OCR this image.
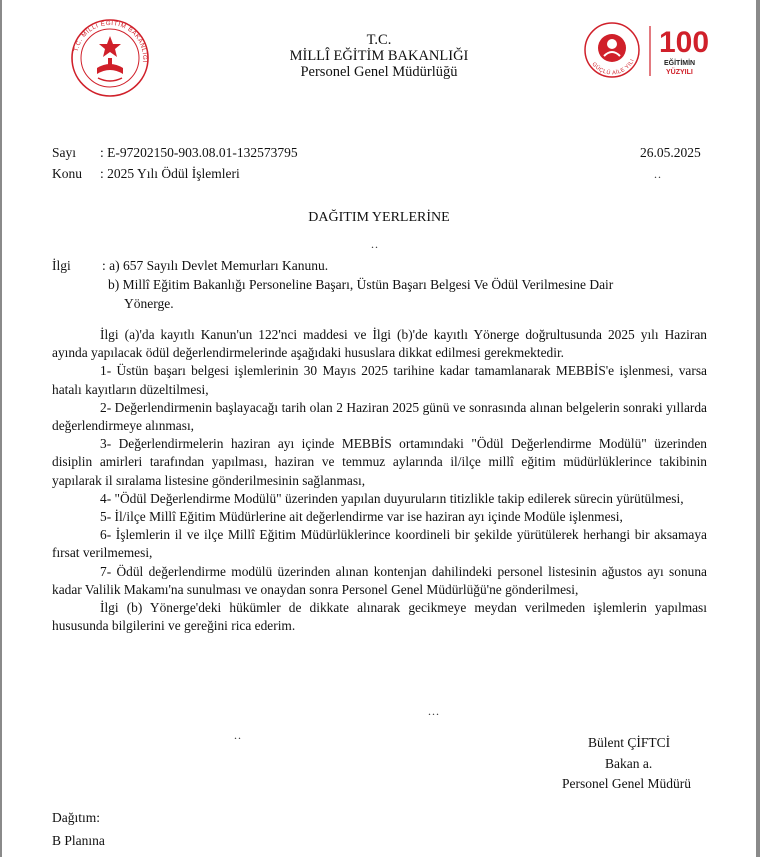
T.C. MİLLÎ EĞİTİM BAKANLIĞI
T.C.
MİLLÎ EĞİTİM BAKANLIĞI
Personel Genel Müdürlüğü	GÜÇLÜ AİLE YILI
100
EĞİTİMİN
YÜZYILI
Sayı : E-97202150-903.08.01-132573795	26.05.2025
Konu : 2025 Yılı Ödül İşlemleri	..
DAĞITIM YERLERİNE
..
İlgi : a) 657 Sayılı Devlet Memurları Kanunu.
b) Millî Eğitim Bakanlığı Personeline Başarı, Üstün Başarı Belgesi Ve Ödül Verilmesine Dair
Yönerge.

İlgi (a)'da kayıtlı Kanun'un 122'nci maddesi ve İlgi (b)'de kayıtlı Yönerge doğrultusunda 2025 yılı Haziran ayında yapılacak ödül değerlendirmelerinde aşağıdaki hususlara dikkat edilmesi gerekmektedir.

1- Üstün başarı belgesi işlemlerinin 30 Mayıs 2025 tarihine kadar tamamlanarak MEBBİS'e işlenmesi, varsa hatalı kayıtların düzeltilmesi,

2- Değerlendirmenin başlayacağı tarih olan 2 Haziran 2025 günü ve sonrasında alınan belgelerin sonraki yıllarda değerlendirmeye alınması,

3- Değerlendirmelerin haziran ayı içinde MEBBİS ortamındaki "Ödül Değerlendirme Modülü" üzerinden disiplin amirleri tarafından yapılması, haziran ve temmuz aylarında il/ilçe millî eğitim müdürlüklerince takibinin yapılarak il sıralama listesine gönderilmesinin sağlanması,

4- "Ödül Değerlendirme Modülü" üzerinden yapılan duyuruların titizlikle takip edilerek sürecin yürütülmesi,

5- İl/ilçe Millî Eğitim Müdürlerine ait değerlendirme var ise haziran ayı içinde Modüle işlenmesi,

6- İşlemlerin il ve ilçe Millî Eğitim Müdürlüklerince koordineli bir şekilde yürütülerek herhangi bir aksamaya fırsat verilmemesi,

7- Ödül değerlendirme modülü üzerinden alınan kontenjan dahilindeki personel listesinin ağustos ayı sonuna kadar Valilik Makamı'na sunulması ve onaydan sonra Personel Genel Müdürlüğü'ne gönderilmesi,

İlgi (b) Yönerge'deki hükümler de dikkate alınarak gecikmeye meydan verilmeden işlemlerin yapılması hususunda bilgilerini ve gereğini rica ederim.

...
..	Bülent ÇİFTCİ
Bakan a.
Personel Genel Müdürü
Dağıtım:
B Planına
